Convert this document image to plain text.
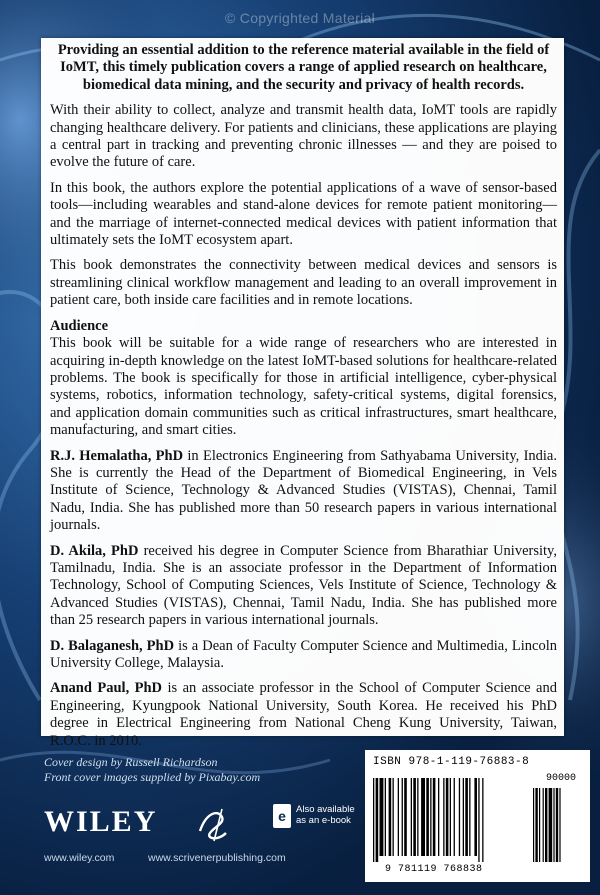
© Copyrighted Material

Providing an essential addition to the reference material available in the field of IoMT, this timely publication covers a range of applied research on healthcare, biomedical data mining, and the security and privacy of health records.

With their ability to collect, analyze and transmit health data, IoMT tools are rapidly changing healthcare delivery. For patients and clinicians, these applications are playing a central part in tracking and preventing chronic illnesses — and they are poised to evolve the future of care.

In this book, the authors explore the potential applications of a wave of sensor-based tools—including wearables and stand-alone devices for remote patient monitoring—and the marriage of internet-connected medical devices with patient information that ultimately sets the IoMT ecosystem apart.

This book demonstrates the connectivity between medical devices and sensors is streamlining clinical workflow management and leading to an overall improvement in patient care, both inside care facilities and in remote locations.

Audience

This book will be suitable for a wide range of researchers who are interested in acquiring in-depth knowledge on the latest IoMT-based solutions for healthcare-related problems. The book is specifically for those in artificial intelligence, cyber-physical systems, robotics, information technology, safety-critical systems, digital forensics, and application domain communities such as critical infrastructures, smart healthcare, manufacturing, and smart cities.

R.J. Hemalatha, PhD in Electronics Engineering from Sathyabama University, India. She is currently the Head of the Department of Biomedical Engineering, in Vels Institute of Science, Technology & Advanced Studies (VISTAS), Chennai, Tamil Nadu, India. She has published more than 50 research papers in various international journals.

D. Akila, PhD received his degree in Computer Science from Bharathiar University, Tamilnadu, India. She is an associate professor in the Department of Information Technology, School of Computing Sciences, Vels Institute of Science, Technology & Advanced Studies (VISTAS), Chennai, Tamil Nadu, India. She has published more than 25 research papers in various international journals.

D. Balaganesh, PhD is a Dean of Faculty Computer Science and Multimedia, Lincoln University College, Malaysia.

Anand Paul, PhD is an associate professor in the School of Computer Science and Engineering, Kyungpook National University, South Korea. He received his PhD degree in Electrical Engineering from National Cheng Kung University, Taiwan, R.O.C. in 2010.

Cover design by Russell Richardson
Front cover images supplied by Pixabay.com
WILEY	e	Also available
as an e-book
www.wiley.com	www.scrivenerpublishing.com
ISBN 978-1-119-76883-8
90000
9 781119 768838
